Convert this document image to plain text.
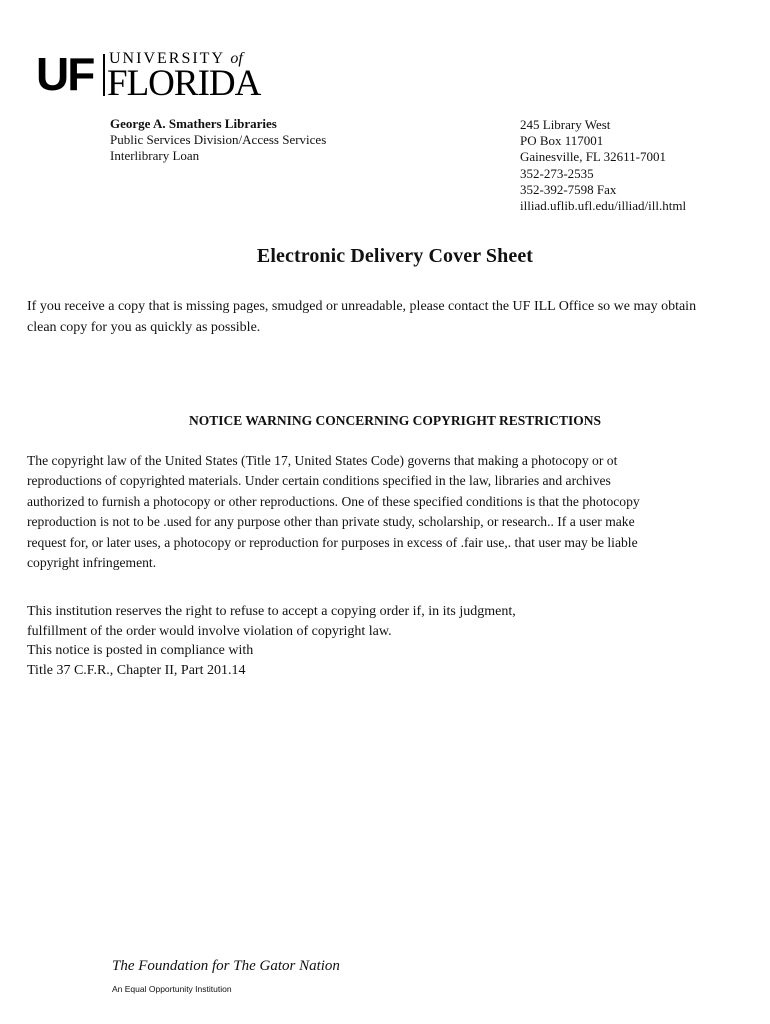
UF UNIVERSITY of
FLORIDA
George A. Smathers Libraries
Public Services Division/Access Services
Interlibrary Loan
245 Library West
PO Box 117001
Gainesville, FL 32611-7001
352-273-2535
352-392-7598 Fax
illiad.uflib.ufl.edu/illiad/ill.html
Electronic Delivery Cover Sheet
If you receive a copy that is missing pages, smudged or unreadable, please contact the UF ILL Office so we may obtain
clean copy for you as quickly as possible.
NOTICE WARNING CONCERNING COPYRIGHT RESTRICTIONS
The copyright law of the United States (Title 17, United States Code) governs that making a photocopy or ot
reproductions of copyrighted materials. Under certain conditions specified in the law, libraries and archives
authorized to furnish a photocopy or other reproductions. One of these specified conditions is that the photocopy
reproduction is not to be .used for any purpose other than private study, scholarship, or research.. If a user make
request for, or later uses, a photocopy or reproduction for purposes in excess of .fair use,. that user may be liable
copyright infringement.
This institution reserves the right to refuse to accept a copying order if, in its judgment,
fulfillment of the order would involve violation of copyright law.
This notice is posted in compliance with
Title 37 C.F.R., Chapter II, Part 201.14
The Foundation for The Gator Nation
An Equal Opportunity Institution
